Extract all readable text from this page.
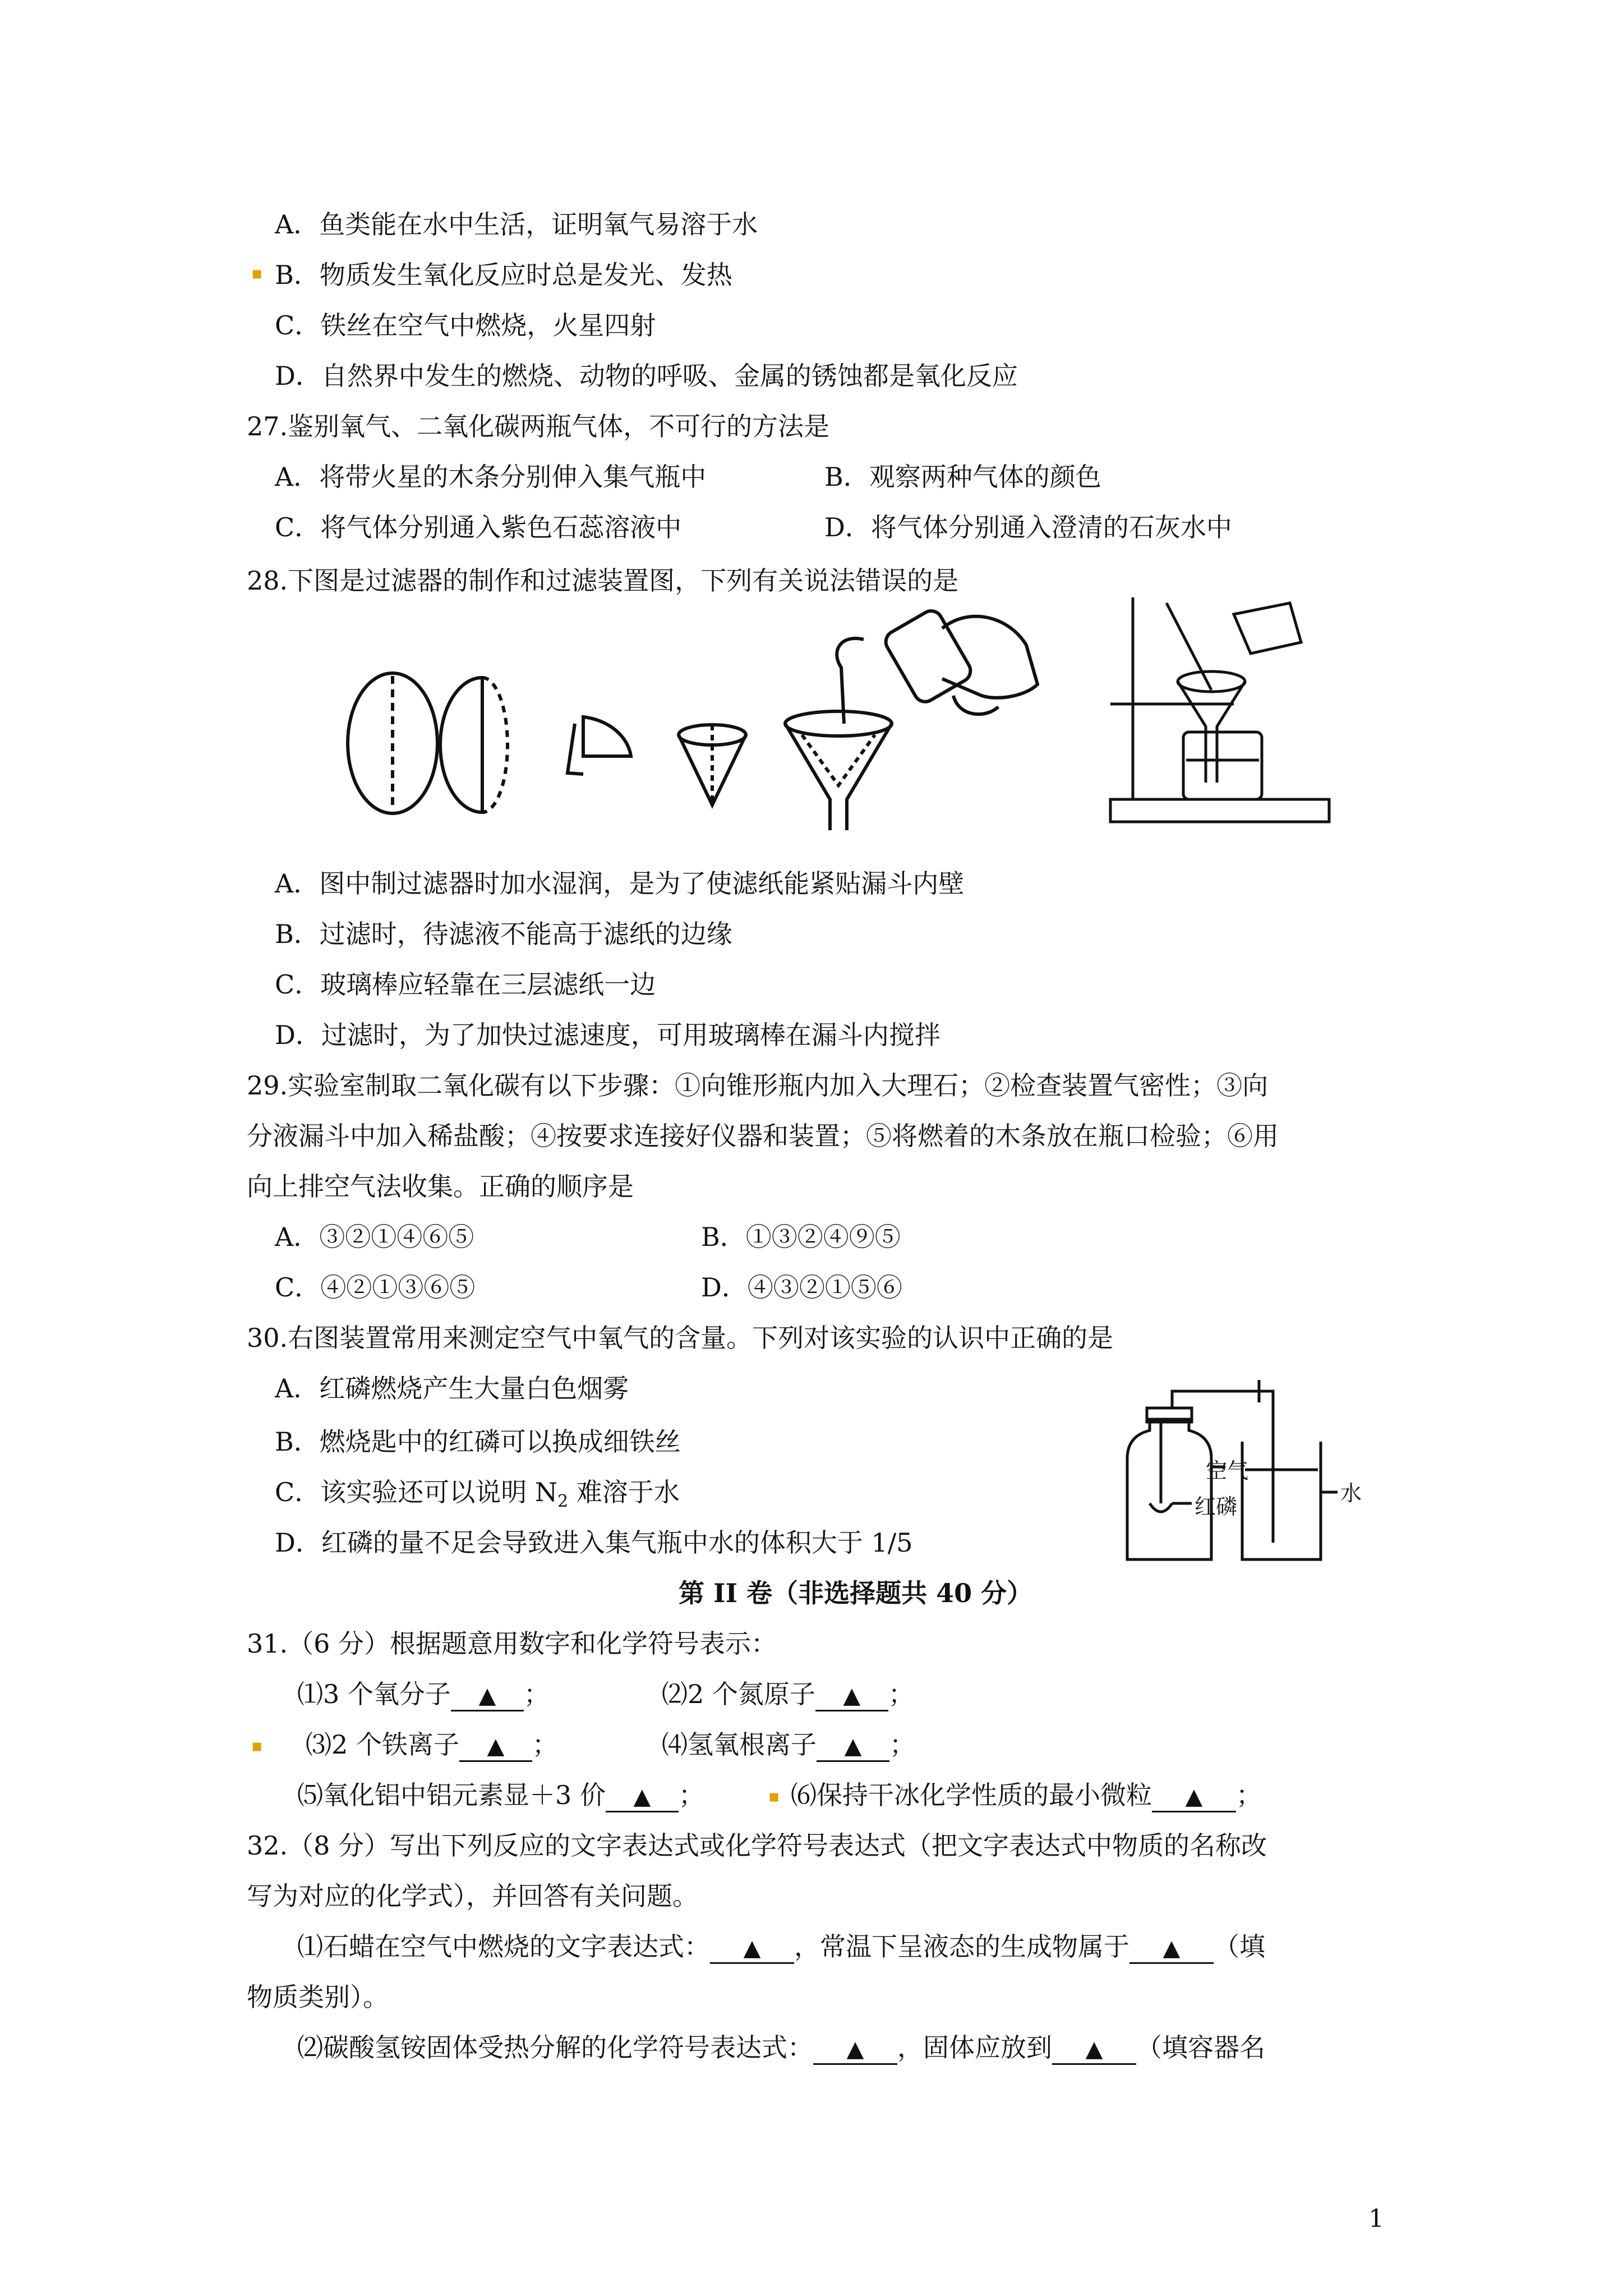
A．鱼类能在水中生活，证明氧气易溶于水
▪ B．物质发生氧化反应时总是发光、发热
C．铁丝在空气中燃烧，火星四射
D．自然界中发生的燃烧、动物的呼吸、金属的锈蚀都是氧化反应
27.鉴别氧气、二氧化碳两瓶气体，不可行的方法是
A．将带火星的木条分别伸入集气瓶中	B．观察两种气体的颜色
C．将气体分别通入紫色石蕊溶液中	D．将气体分别通入澄清的石灰水中
28.下图是过滤器的制作和过滤装置图，下列有关说法错误的是
A．图中制过滤器时加水湿润，是为了使滤纸能紧贴漏斗内壁
B．过滤时，待滤液不能高于滤纸的边缘
C．玻璃棒应轻靠在三层滤纸一边
D．过滤时，为了加快过滤速度，可用玻璃棒在漏斗内搅拌
29.实验室制取二氧化碳有以下步骤：①向锥形瓶内加入大理石；②检查装置气密性；③向
分液漏斗中加入稀盐酸；④按要求连接好仪器和装置；⑤将燃着的木条放在瓶口检验；⑥用
向上排空气法收集。正确的顺序是
A．③②①④⑥⑤	B．①③②④⑨⑤
C．④②①③⑥⑤	D．④③②①⑤⑥
30.右图装置常用来测定空气中氧气的含量。下列对该实验的认识中正确的是
A．红磷燃烧产生大量白色烟雾
B．燃烧匙中的红磷可以换成细铁丝
C．该实验还可以说明 $N_2$ 难溶于水
D．红磷的量不足会导致进入集气瓶中水的体积大于 1/5
空气
红磷
水
第 II 卷（非选择题共 40 分）
31.（6 分）根据题意用数字和化学符号表示：
⑴3 个氧分子 ▲ ；	⑵2 个氮原子 ▲ ；
▪ ⑶2 个铁离子 ▲ ；	⑷氢氧根离子 ▲ ；
⑸氧化铝中铝元素显＋3 价 ▲ ；	▪ ⑹保持干冰化学性质的最小微粒 ▲ ；
32.（8 分）写出下列反应的文字表达式或化学符号表达式（把文字表达式中物质的名称改
写为对应的化学式），并回答有关问题。
⑴石蜡在空气中燃烧的文字表达式： ▲ ，常温下呈液态的生成物属于 ▲ （填
物质类别）。
⑵碳酸氢铵固体受热分解的化学符号表达式： ▲ ，固体应放到 ▲ （填容器名
1
